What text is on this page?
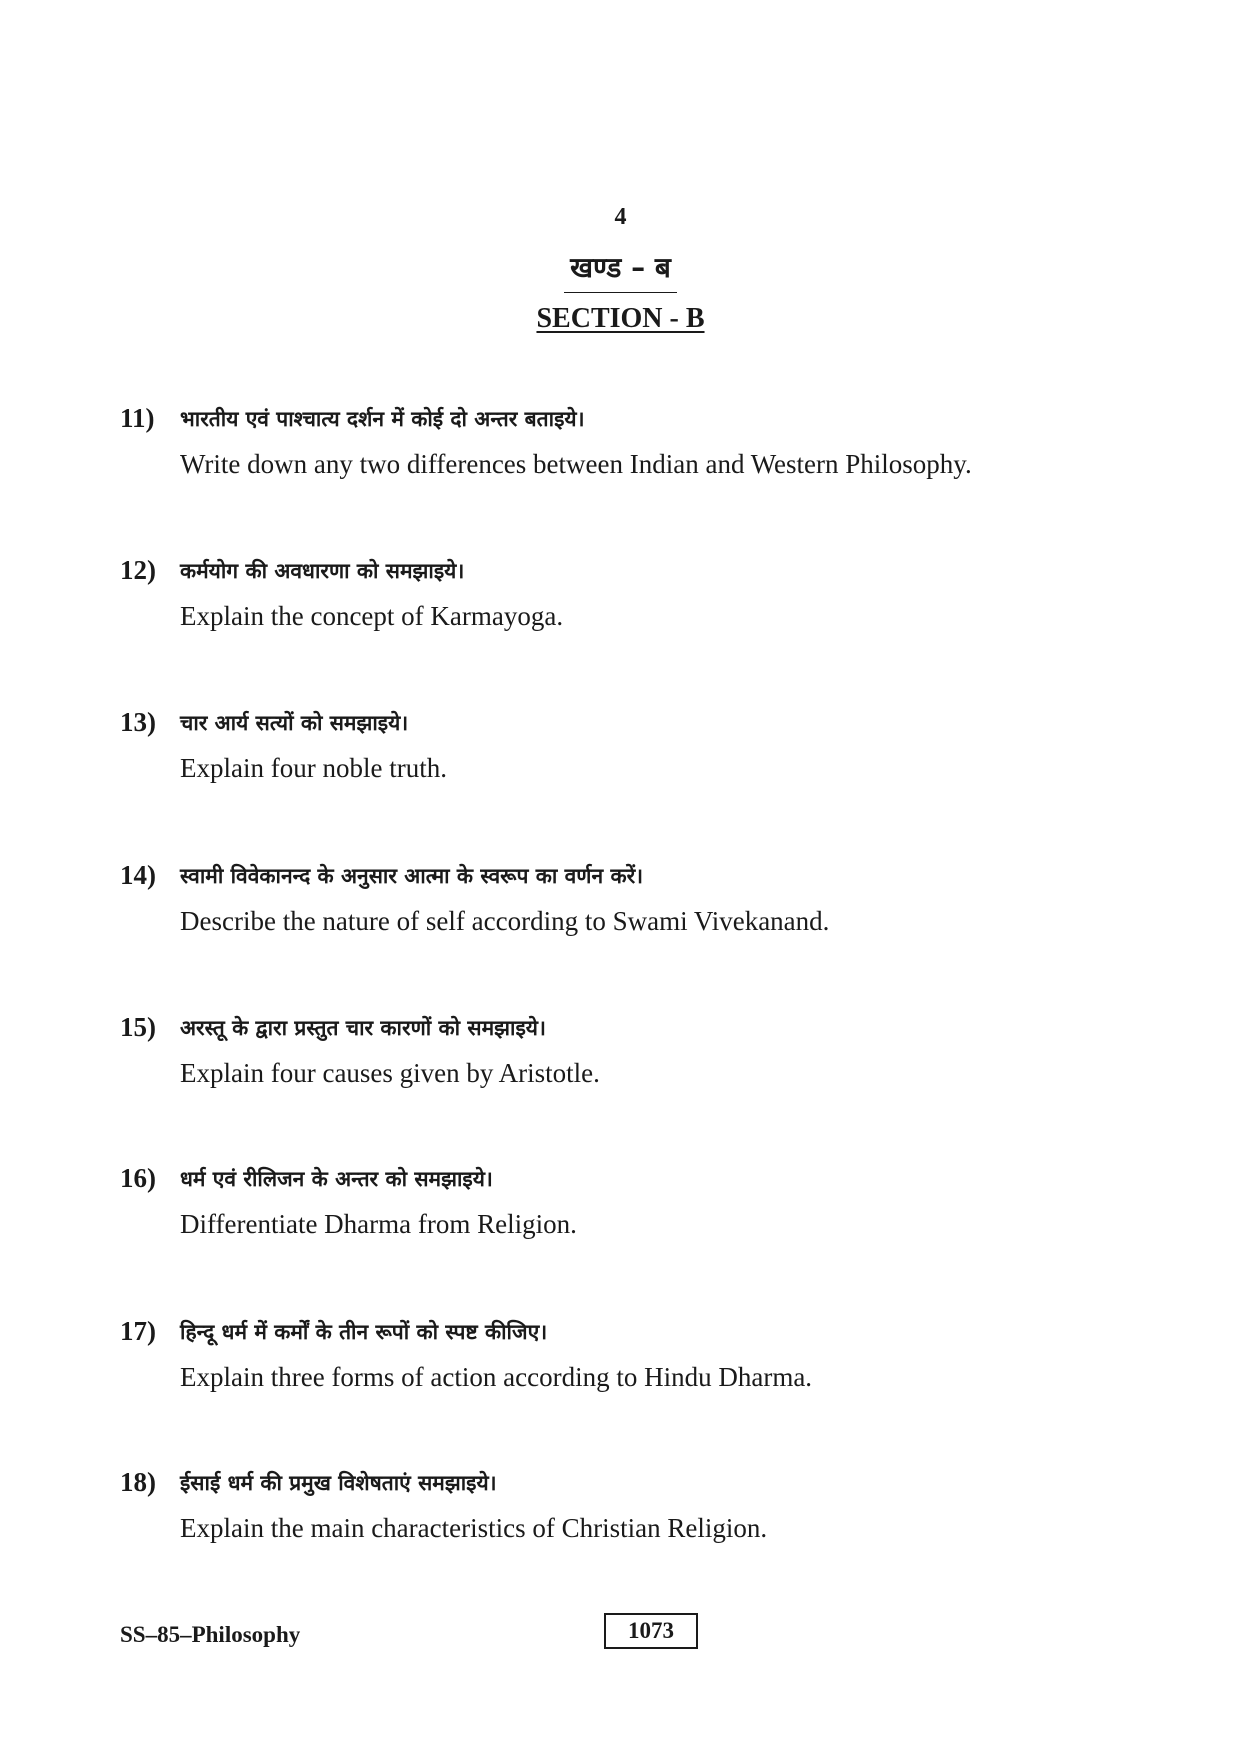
4
खण्ड – ब
SECTION - B
11) भारतीय एवं पाश्चात्य दर्शन में कोई दो अन्तर बताइये।
Write down any two differences between Indian and Western Philosophy.
12) कर्मयोग की अवधारणा को समझाइये।
Explain the concept of Karmayoga.
13) चार आर्य सत्यों को समझाइये।
Explain four noble truth.
14) स्वामी विवेकानन्द के अनुसार आत्मा के स्वरूप का वर्णन करें।
Describe the nature of self according to Swami Vivekanand.
15) अरस्तू के द्वारा प्रस्तुत चार कारणों को समझाइये।
Explain four causes given by Aristotle.
16) धर्म एवं रीलिजन के अन्तर को समझाइये।
Differentiate Dharma from Religion.
17) हिन्दू धर्म में कर्मों के तीन रूपों को स्पष्ट कीजिए।
Explain three forms of action according to Hindu Dharma.
18) ईसाई धर्म की प्रमुख विशेषताएं समझाइये।
Explain the main characteristics of Christian Religion.
SS–85–Philosophy	1073
